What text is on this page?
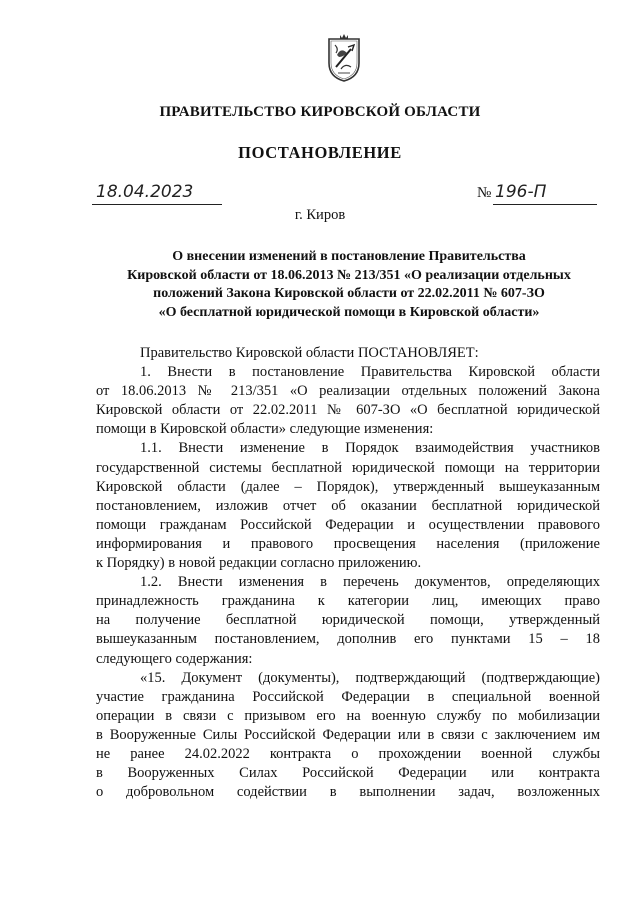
ПРАВИТЕЛЬСТВО КИРОВСКОЙ ОБЛАСТИ
ПОСТАНОВЛЕНИЕ
18.04.2023	№ 196-П
г. Киров
О внесении изменений в постановление Правительства
Кировской области от 18.06.2013 № 213/351 «О реализации отдельных
положений Закона Кировской области от 22.02.2011 № 607-ЗО
«О бесплатной юридической помощи в Кировской области»

Правительство Кировской области ПОСТАНОВЛЯЕТ:

1. Внести в постановление Правительства Кировской области

от 18.06.2013 № 213/351 «О реализации отдельных положений Закона

Кировской области от 22.02.2011 № 607-ЗО «О бесплатной юридической

помощи в Кировской области» следующие изменения:

1.1. Внести изменение в Порядок взаимодействия участников

государственной системы бесплатной юридической помощи на территории

Кировской области (далее – Порядок), утвержденный вышеуказанным

постановлением, изложив отчет об оказании бесплатной юридической

помощи гражданам Российской Федерации и осуществлении правового

информирования и правового просвещения населения (приложение

к Порядку) в новой редакции согласно приложению.

1.2. Внести изменения в перечень документов, определяющих

принадлежность гражданина к категории лиц, имеющих право

на получение бесплатной юридической помощи, утвержденный

вышеуказанным постановлением, дополнив его пунктами 15 – 18

следующего содержания:

«15. Документ (документы), подтверждающий (подтверждающие)

участие гражданина Российской Федерации в специальной военной

операции в связи с призывом его на военную службу по мобилизации

в Вооруженные Силы Российской Федерации или в связи с заключением им

не ранее 24.02.2022 контракта о прохождении военной службы

в Вооруженных Силах Российской Федерации или контракта

о добровольном содействии в выполнении задач, возложенных
